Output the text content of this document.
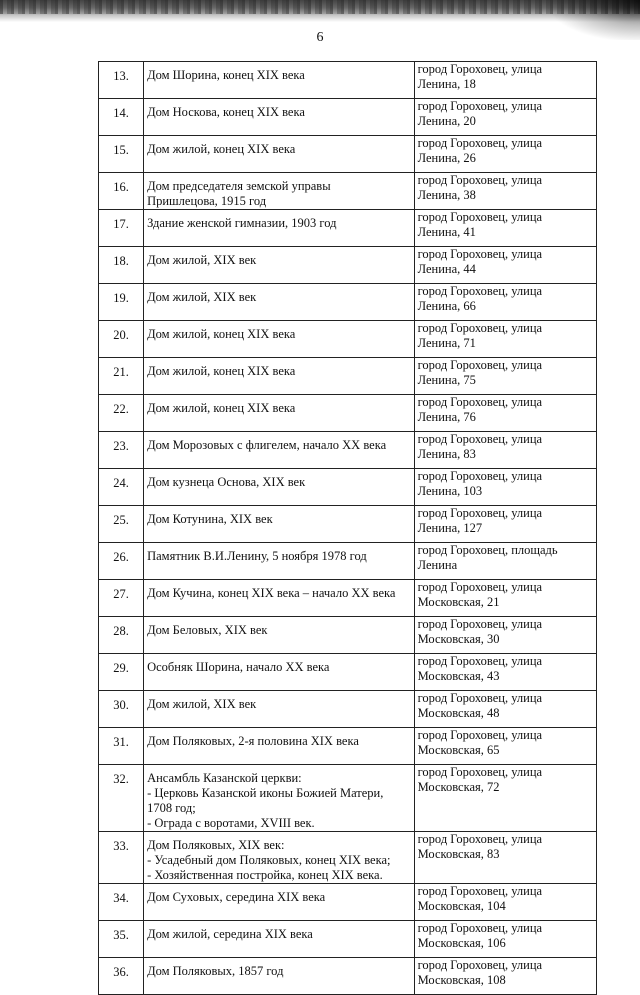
6
13.	Дом Шорина, конец XIX века	город Гороховец, улица
Ленина, 18

14.	Дом Носкова, конец XIX века	город Гороховец, улица
Ленина, 20

15.	Дом жилой, конец XIX века	город Гороховец, улица
Ленина, 26

16.	Дом председателя земской управы
Пришлецова, 1915 год	город Гороховец, улица
Ленина, 38

17.	Здание женской гимназии, 1903 год	город Гороховец, улица
Ленина, 41

18.	Дом жилой, XIX век	город Гороховец, улица
Ленина, 44

19.	Дом жилой, XIX век	город Гороховец, улица
Ленина, 66

20.	Дом жилой, конец XIX века	город Гороховец, улица
Ленина, 71

21.	Дом жилой, конец XIX века	город Гороховец, улица
Ленина, 75

22.	Дом жилой, конец XIX века	город Гороховец, улица
Ленина, 76

23.	Дом Морозовых с флигелем, начало XX века	город Гороховец, улица
Ленина, 83

24.	Дом кузнеца Основа, XIX век	город Гороховец, улица
Ленина, 103

25.	Дом Котунина, XIX век	город Гороховец, улица
Ленина, 127

26.	Памятник В.И.Ленину, 5 ноября 1978 год	город Гороховец, площадь
Ленина

27.	Дом Кучина, конец XIX века – начало XX века	город Гороховец, улица
Московская, 21

28.	Дом Беловых, XIX век	город Гороховец, улица
Московская, 30

29.	Особняк Шорина, начало XX века	город Гороховец, улица
Московская, 43

30.	Дом жилой, XIX век	город Гороховец, улица
Московская, 48

31.	Дом Поляковых, 2-я половина XIX века	город Гороховец, улица
Московская, 65

32.	Ансамбль Казанской церкви:
- Церковь Казанской иконы Божией Матери,
1708 год;
- Ограда с воротами, XVIII век.	город Гороховец, улица
Московская, 72

33.	Дом Поляковых, XIX век:
- Усадебный дом Поляковых, конец XIX века;
- Хозяйственная постройка, конец XIX века.	город Гороховец, улица
Московская, 83

34.	Дом Суховых, середина XIX века	город Гороховец, улица
Московская, 104

35.	Дом жилой, середина XIX века	город Гороховец, улица
Московская, 106

36.	Дом Поляковых, 1857 год	город Гороховец, улица
Московская, 108
